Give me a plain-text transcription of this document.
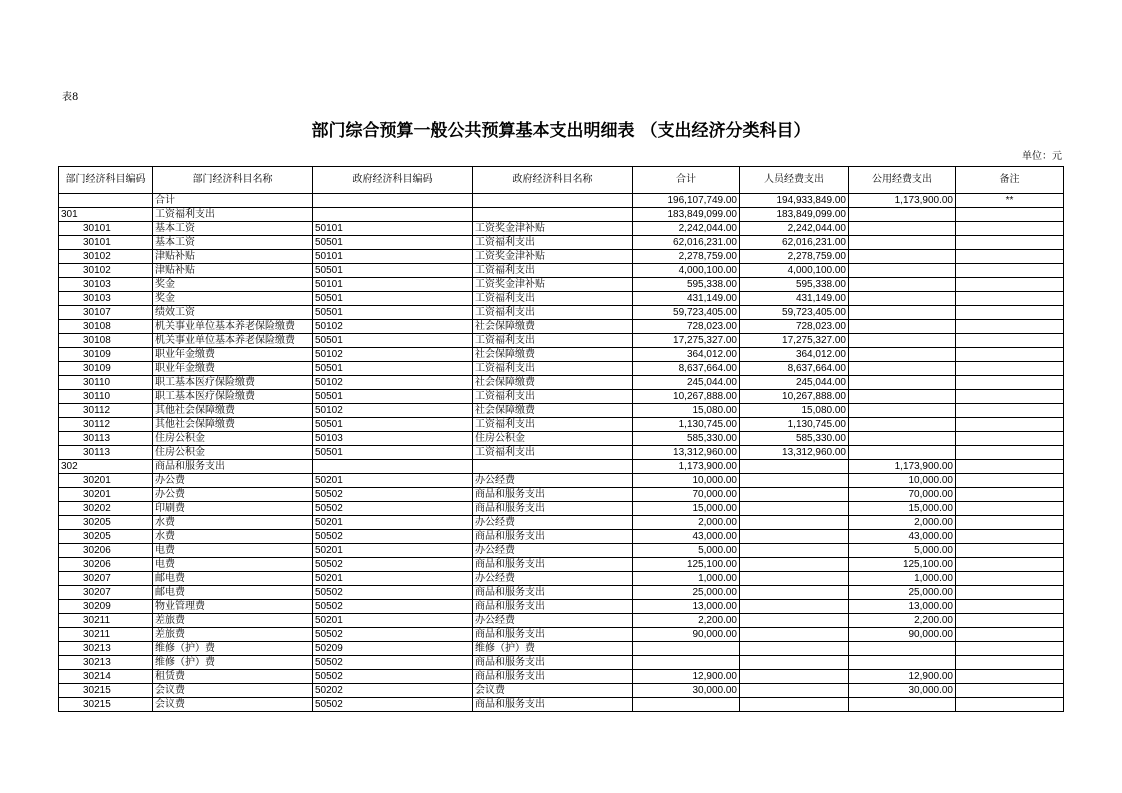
表8
部门综合预算一般公共预算基本支出明细表 （支出经济分类科目）
单位：元
部门经济科目编码	部门经济科目名称	政府经济科目编码	政府经济科目名称	合计	人员经费支出	公用经费支出	备注
	合计			196,107,749.00	194,933,849.00	1,173,900.00	**
301	工资福利支出			183,849,099.00	183,849,099.00		
30101	基本工资	50101	工资奖金津补贴	2,242,044.00	2,242,044.00		
30101	基本工资	50501	工资福利支出	62,016,231.00	62,016,231.00		
30102	津贴补贴	50101	工资奖金津补贴	2,278,759.00	2,278,759.00		
30102	津贴补贴	50501	工资福利支出	4,000,100.00	4,000,100.00		
30103	奖金	50101	工资奖金津补贴	595,338.00	595,338.00		
30103	奖金	50501	工资福利支出	431,149.00	431,149.00		
30107	绩效工资	50501	工资福利支出	59,723,405.00	59,723,405.00		
30108	机关事业单位基本养老保险缴费	50102	社会保障缴费	728,023.00	728,023.00		
30108	机关事业单位基本养老保险缴费	50501	工资福利支出	17,275,327.00	17,275,327.00		
30109	职业年金缴费	50102	社会保障缴费	364,012.00	364,012.00		
30109	职业年金缴费	50501	工资福利支出	8,637,664.00	8,637,664.00		
30110	职工基本医疗保险缴费	50102	社会保障缴费	245,044.00	245,044.00		
30110	职工基本医疗保险缴费	50501	工资福利支出	10,267,888.00	10,267,888.00		
30112	其他社会保障缴费	50102	社会保障缴费	15,080.00	15,080.00		
30112	其他社会保障缴费	50501	工资福利支出	1,130,745.00	1,130,745.00		
30113	住房公积金	50103	住房公积金	585,330.00	585,330.00		
30113	住房公积金	50501	工资福利支出	13,312,960.00	13,312,960.00		
302	商品和服务支出			1,173,900.00		1,173,900.00	
30201	办公费	50201	办公经费	10,000.00		10,000.00	
30201	办公费	50502	商品和服务支出	70,000.00		70,000.00	
30202	印刷费	50502	商品和服务支出	15,000.00		15,000.00	
30205	水费	50201	办公经费	2,000.00		2,000.00	
30205	水费	50502	商品和服务支出	43,000.00		43,000.00	
30206	电费	50201	办公经费	5,000.00		5,000.00	
30206	电费	50502	商品和服务支出	125,100.00		125,100.00	
30207	邮电费	50201	办公经费	1,000.00		1,000.00	
30207	邮电费	50502	商品和服务支出	25,000.00		25,000.00	
30209	物业管理费	50502	商品和服务支出	13,000.00		13,000.00	
30211	差旅费	50201	办公经费	2,200.00		2,200.00	
30211	差旅费	50502	商品和服务支出	90,000.00		90,000.00	
30213	维修（护）费	50209	维修（护）费				
30213	维修（护）费	50502	商品和服务支出				
30214	租赁费	50502	商品和服务支出	12,900.00		12,900.00	
30215	会议费	50202	会议费	30,000.00		30,000.00	
30215	会议费	50502	商品和服务支出				
